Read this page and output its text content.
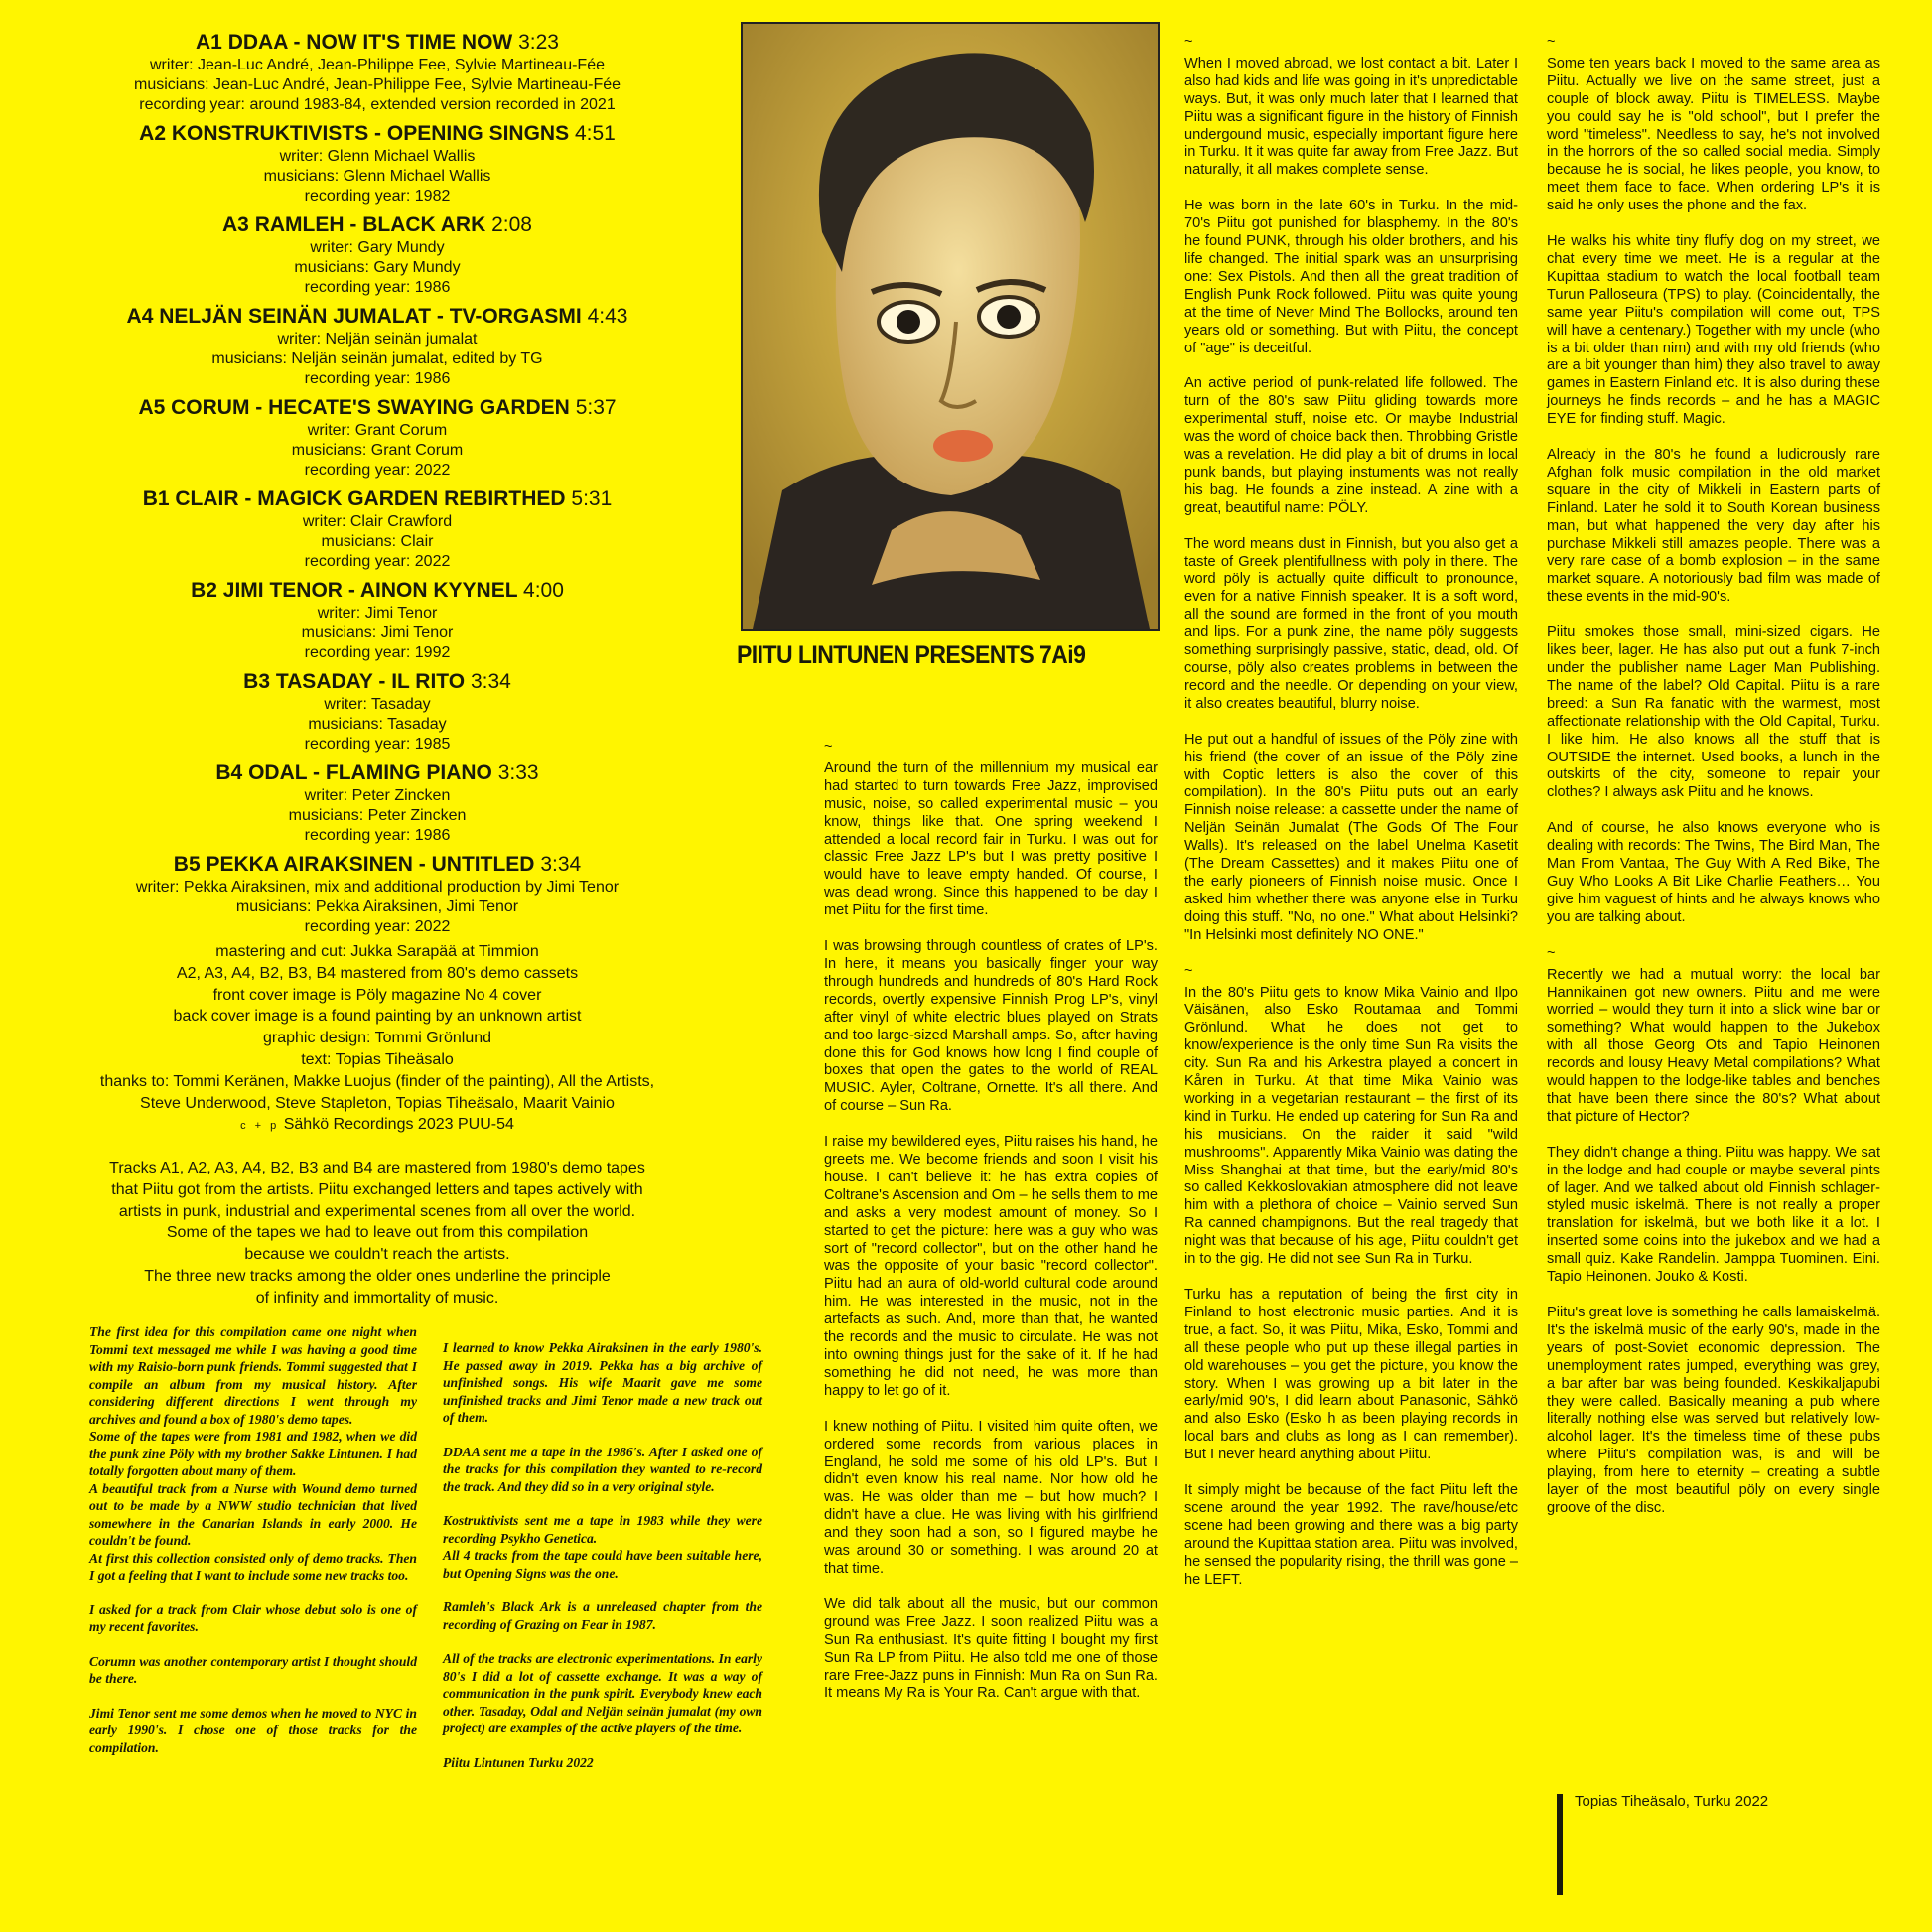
A1 DDAA - NOW IT'S TIME NOW 3:23
writer: Jean-Luc André, Jean-Philippe Fee, Sylvie Martineau-Fée
musicians: Jean-Luc André, Jean-Philippe Fee, Sylvie Martineau-Fée
recording year: around 1983-84, extended version recorded in 2021
A2 KONSTRUKTIVISTS - OPENING SINGNS 4:51
writer: Glenn Michael Wallis
musicians: Glenn Michael Wallis
recording year: 1982
A3 RAMLEH - BLACK ARK 2:08
writer: Gary Mundy
musicians: Gary Mundy
recording year: 1986
A4 NELJÄN SEINÄN JUMALAT - TV-ORGASMI 4:43
writer: Neljän seinän jumalat
musicians: Neljän seinän jumalat, edited by TG
recording year: 1986
A5 CORUM - HECATE'S SWAYING GARDEN 5:37
writer: Grant Corum
musicians: Grant Corum
recording year: 2022
B1 CLAIR - MAGICK GARDEN REBIRTHED 5:31
writer: Clair Crawford
musicians: Clair
recording year: 2022
B2 JIMI TENOR - AINON KYYNEL 4:00
writer: Jimi Tenor
musicians: Jimi Tenor
recording year: 1992
B3 TASADAY - IL RITO 3:34
writer: Tasaday
musicians: Tasaday
recording year: 1985
B4 ODAL - FLAMING PIANO 3:33
writer: Peter Zincken
musicians: Peter Zincken
recording year: 1986
B5 PEKKA AIRAKSINEN - UNTITLED 3:34
writer: Pekka Airaksinen, mix and additional production by Jimi Tenor
musicians: Pekka Airaksinen, Jimi Tenor
recording year: 2022
mastering and cut: Jukka Sarapää at Timmion
A2, A3, A4, B2, B3, B4 mastered from 80's demo cassets
front cover image is Pöly magazine No 4 cover
back cover image is a found painting by an unknown artist
graphic design: Tommi Grönlund
text: Topias Tiheäsalo
thanks to: Tommi Keränen, Makke Luojus (finder of the painting), All the Artists,
Steve Underwood, Steve Stapleton, Topias Tiheäsalo, Maarit Vainio
c + p Sähkö Recordings 2023 PUU-54
Tracks A1, A2, A3, A4, B2, B3 and B4 are mastered from 1980's demo tapes
that Piitu got from the artists. Piitu exchanged letters and tapes actively with
artists in punk, industrial and experimental scenes from all over the world.
Some of the tapes we had to leave out from this compilation
because we couldn't reach the artists.
The three new tracks among the older ones underline the principle
of infinity and immortality of music.

The first idea for this compilation came one night when Tommi text messaged me while I was having a good time with my Raisio-born punk friends. Tommi suggested that I compile an album from my musical history. After considering different directions I went through my archives and found a box of 1980's demo tapes.
Some of the tapes were from 1981 and 1982, when we did the punk zine Pöly with my brother Sakke Lintunen. I had totally forgotten about many of them.
A beautiful track from a Nurse with Wound demo turned out to be made by a NWW studio technician that lived somewhere in the Canarian Islands in early 2000. He couldn't be found.
At first this collection consisted only of demo tracks. Then I got a feeling that I want to include some new tracks too.

I asked for a track from Clair whose debut solo is one of my recent favorites.

Corumn was another contemporary artist I thought should be there.

Jimi Tenor sent me some demos when he moved to NYC in early 1990's. I chose one of those tracks for the compilation.

I learned to know Pekka Airaksinen in the early 1980's. He passed away in 2019. Pekka has a big archive of unfinished songs. His wife Maarit gave me some unfinished tracks and Jimi Tenor made a new track out of them.

DDAA sent me a tape in the 1986's. After I asked one of the tracks for this compilation they wanted to re-record the track. And they did so in a very original style.

Kostruktivists sent me a tape in 1983 while they were recording Psykho Genetica.
All 4 tracks from the tape could have been suitable here, but Opening Signs was the one.

Ramleh's Black Ark is a unreleased chapter from the recording of Grazing on Fear in 1987.

All of the tracks are electronic experimentations. In early 80's I did a lot of cassette exchange. It was a way of communication in the punk spirit. Everybody knew each other. Tasaday, Odal and Neljän seinän jumalat (my own project) are examples of the active players of the time.

Piitu Lintunen Turku 2022

PIITU LINTUNEN PRESENTS 7Ai9

~

Around the turn of the millennium my musical ear had started to turn towards Free Jazz, improvised music, noise, so called experimental music – you know, things like that. One spring weekend I attended a local record fair in Turku. I was out for classic Free Jazz LP's but I was pretty positive I would have to leave empty handed. Of course, I was dead wrong. Since this happened to be day I met Piitu for the first time.

I was browsing through countless of crates of LP's. In here, it means you basically finger your way through hundreds and hundreds of 80's Hard Rock records, overtly expensive Finnish Prog LP's, vinyl after vinyl of white electric blues played on Strats and too large-sized Marshall amps. So, after having done this for God knows how long I find couple of boxes that open the gates to the world of REAL MUSIC. Ayler, Coltrane, Ornette. It's all there. And of course – Sun Ra.

I raise my bewildered eyes, Piitu raises his hand, he greets me. We become friends and soon I visit his house. I can't believe it: he has extra copies of Coltrane's Ascension and Om – he sells them to me and asks a very modest amount of money. So I started to get the picture: here was a guy who was sort of "record collector", but on the other hand he was the opposite of your basic "record collector". Piitu had an aura of old-world cultural code around him. He was interested in the music, not in the artefacts as such. And, more than that, he wanted the records and the music to circulate. He was not into owning things just for the sake of it. If he had something he did not need, he was more than happy to let go of it.

I knew nothing of Piitu. I visited him quite often, we ordered some records from various places in England, he sold me some of his old LP's. But I didn't even know his real name. Nor how old he was. He was older than me – but how much? I didn't have a clue. He was living with his girlfriend and they soon had a son, so I figured maybe he was around 30 or something. I was around 20 at that time.

We did talk about all the music, but our common ground was Free Jazz. I soon realized Piitu was a Sun Ra enthusiast. It's quite fitting I bought my first Sun Ra LP from Piitu. He also told me one of those rare Free-Jazz puns in Finnish: Mun Ra on Sun Ra. It means My Ra is Your Ra. Can't argue with that.

~

When I moved abroad, we lost contact a bit. Later I also had kids and life was going in it's unpredictable ways. But, it was only much later that I learned that Piitu was a significant figure in the history of Finnish undergound music, especially important figure here in Turku. It it was quite far away from Free Jazz. But naturally, it all makes complete sense.

He was born in the late 60's in Turku. In the mid-70's Piitu got punished for blasphemy. In the 80's he found PUNK, through his older brothers, and his life changed. The initial spark was an unsurprising one: Sex Pistols. And then all the great tradition of English Punk Rock followed. Piitu was quite young at the time of Never Mind The Bollocks, around ten years old or something. But with Piitu, the concept of "age" is deceitful.

An active period of punk-related life followed. The turn of the 80's saw Piitu gliding towards more experimental stuff, noise etc. Or maybe Industrial was the word of choice back then. Throbbing Gristle was a revelation. He did play a bit of drums in local punk bands, but playing instuments was not really his bag. He founds a zine instead. A zine with a great, beautiful name: PÖLY.

The word means dust in Finnish, but you also get a taste of Greek plentifullness with poly in there. The word pöly is actually quite difficult to pronounce, even for a native Finnish speaker. It is a soft word, all the sound are formed in the front of you mouth and lips. For a punk zine, the name pöly suggests something surprisingly passive, static, dead, old. Of course, pöly also creates problems in between the record and the needle. Or depending on your view, it also creates beautiful, blurry noise.

He put out a handful of issues of the Pöly zine with his friend (the cover of an issue of the Pöly zine with Coptic letters is also the cover of this compilation). In the 80's Piitu puts out an early Finnish noise release: a cassette under the name of Neljän Seinän Jumalat (The Gods Of The Four Walls). It's released on the label Unelma Kasetit (The Dream Cassettes) and it makes Piitu one of the early pioneers of Finnish noise music. Once I asked him whether there was anyone else in Turku doing this stuff. "No, no one." What about Helsinki? "In Helsinki most definitely NO ONE."

~

In the 80's Piitu gets to know Mika Vainio and Ilpo Väisänen, also Esko Routamaa and Tommi Grönlund. What he does not get to know/experience is the only time Sun Ra visits the city. Sun Ra and his Arkestra played a concert in Kåren in Turku. At that time Mika Vainio was working in a vegetarian restaurant – the first of its kind in Turku. He ended up catering for Sun Ra and his musicians. On the raider it said "wild mushrooms". Apparently Mika Vainio was dating the Miss Shanghai at that time, but the early/mid 80's so called Kekkoslovakian atmosphere did not leave him with a plethora of choice – Vainio served Sun Ra canned champignons. But the real tragedy that night was that because of his age, Piitu couldn't get in to the gig. He did not see Sun Ra in Turku.

Turku has a reputation of being the first city in Finland to host electronic music parties. And it is true, a fact. So, it was Piitu, Mika, Esko, Tommi and all these people who put up these illegal parties in old warehouses – you get the picture, you know the story. When I was growing up a bit later in the early/mid 90's, I did learn about Panasonic, Sähkö and also Esko (Esko h as been playing records in local bars and clubs as long as I can remember). But I never heard anything about Piitu.

It simply might be because of the fact Piitu left the scene around the year 1992. The rave/house/etc scene had been growing and there was a big party around the Kupittaa station area. Piitu was involved, he sensed the popularity rising, the thrill was gone – he LEFT.

~

Some ten years back I moved to the same area as Piitu. Actually we live on the same street, just a couple of block away. Piitu is TIMELESS. Maybe you could say he is "old school", but I prefer the word "timeless". Needless to say, he's not involved in the horrors of the so called social media. Simply because he is social, he likes people, you know, to meet them face to face. When ordering LP's it is said he only uses the phone and the fax.

He walks his white tiny fluffy dog on my street, we chat every time we meet. He is a regular at the Kupittaa stadium to watch the local football team Turun Palloseura (TPS) to play. (Coincidentally, the same year Piitu's compilation will come out, TPS will have a centenary.) Together with my uncle (who is a bit older than nim) and with my old friends (who are a bit younger than him) they also travel to away games in Eastern Finland etc. It is also during these journeys he finds records – and he has a MAGIC EYE for finding stuff. Magic.

Already in the 80's he found a ludicrously rare Afghan folk music compilation in the old market square in the city of Mikkeli in Eastern parts of Finland. Later he sold it to South Korean business man, but what happened the very day after his purchase Mikkeli still amazes people. There was a very rare case of a bomb explosion – in the same market square. A notoriously bad film was made of these events in the mid-90's.

Piitu smokes those small, mini-sized cigars. He likes beer, lager. He has also put out a funk 7-inch under the publisher name Lager Man Publishing. The name of the label? Old Capital. Piitu is a rare breed: a Sun Ra fanatic with the warmest, most affectionate relationship with the Old Capital, Turku. I like him. He also knows all the stuff that is OUTSIDE the internet. Used books, a lunch in the outskirts of the city, someone to repair your clothes? I always ask Piitu and he knows.

And of course, he also knows everyone who is dealing with records: The Twins, The Bird Man, The Man From Vantaa, The Guy With A Red Bike, The Guy Who Looks A Bit Like Charlie Feathers… You give him vaguest of hints and he always knows who you are talking about.

~

Recently we had a mutual worry: the local bar Hannikainen got new owners. Piitu and me were worried – would they turn it into a slick wine bar or something? What would happen to the Jukebox with all those Georg Ots and Tapio Heinonen records and lousy Heavy Metal compilations? What would happen to the lodge-like tables and benches that have been there since the 80's? What about that picture of Hector?

They didn't change a thing. Piitu was happy. We sat in the lodge and had couple or maybe several pints of lager. And we talked about old Finnish schlager-styled music iskelmä. There is not really a proper translation for iskelmä, but we both like it a lot. I inserted some coins into the jukebox and we had a small quiz. Kake Randelin. Jamppa Tuominen. Eini. Tapio Heinonen. Jouko & Kosti.

Piitu's great love is something he calls lamaiskelmä. It's the iskelmä music of the early 90's, made in the years of post-Soviet economic depression. The unemployment rates jumped, everything was grey, a bar after bar was being founded. Keskikaljapubi they were called. Basically meaning a pub where literally nothing else was served but relatively low-alcohol lager. It's the timeless time of these pubs where Piitu's compilation was, is and will be playing, from here to eternity – creating a subtle layer of the most beautiful pöly on every single groove of the disc.

Topias Tiheäsalo, Turku 2022
